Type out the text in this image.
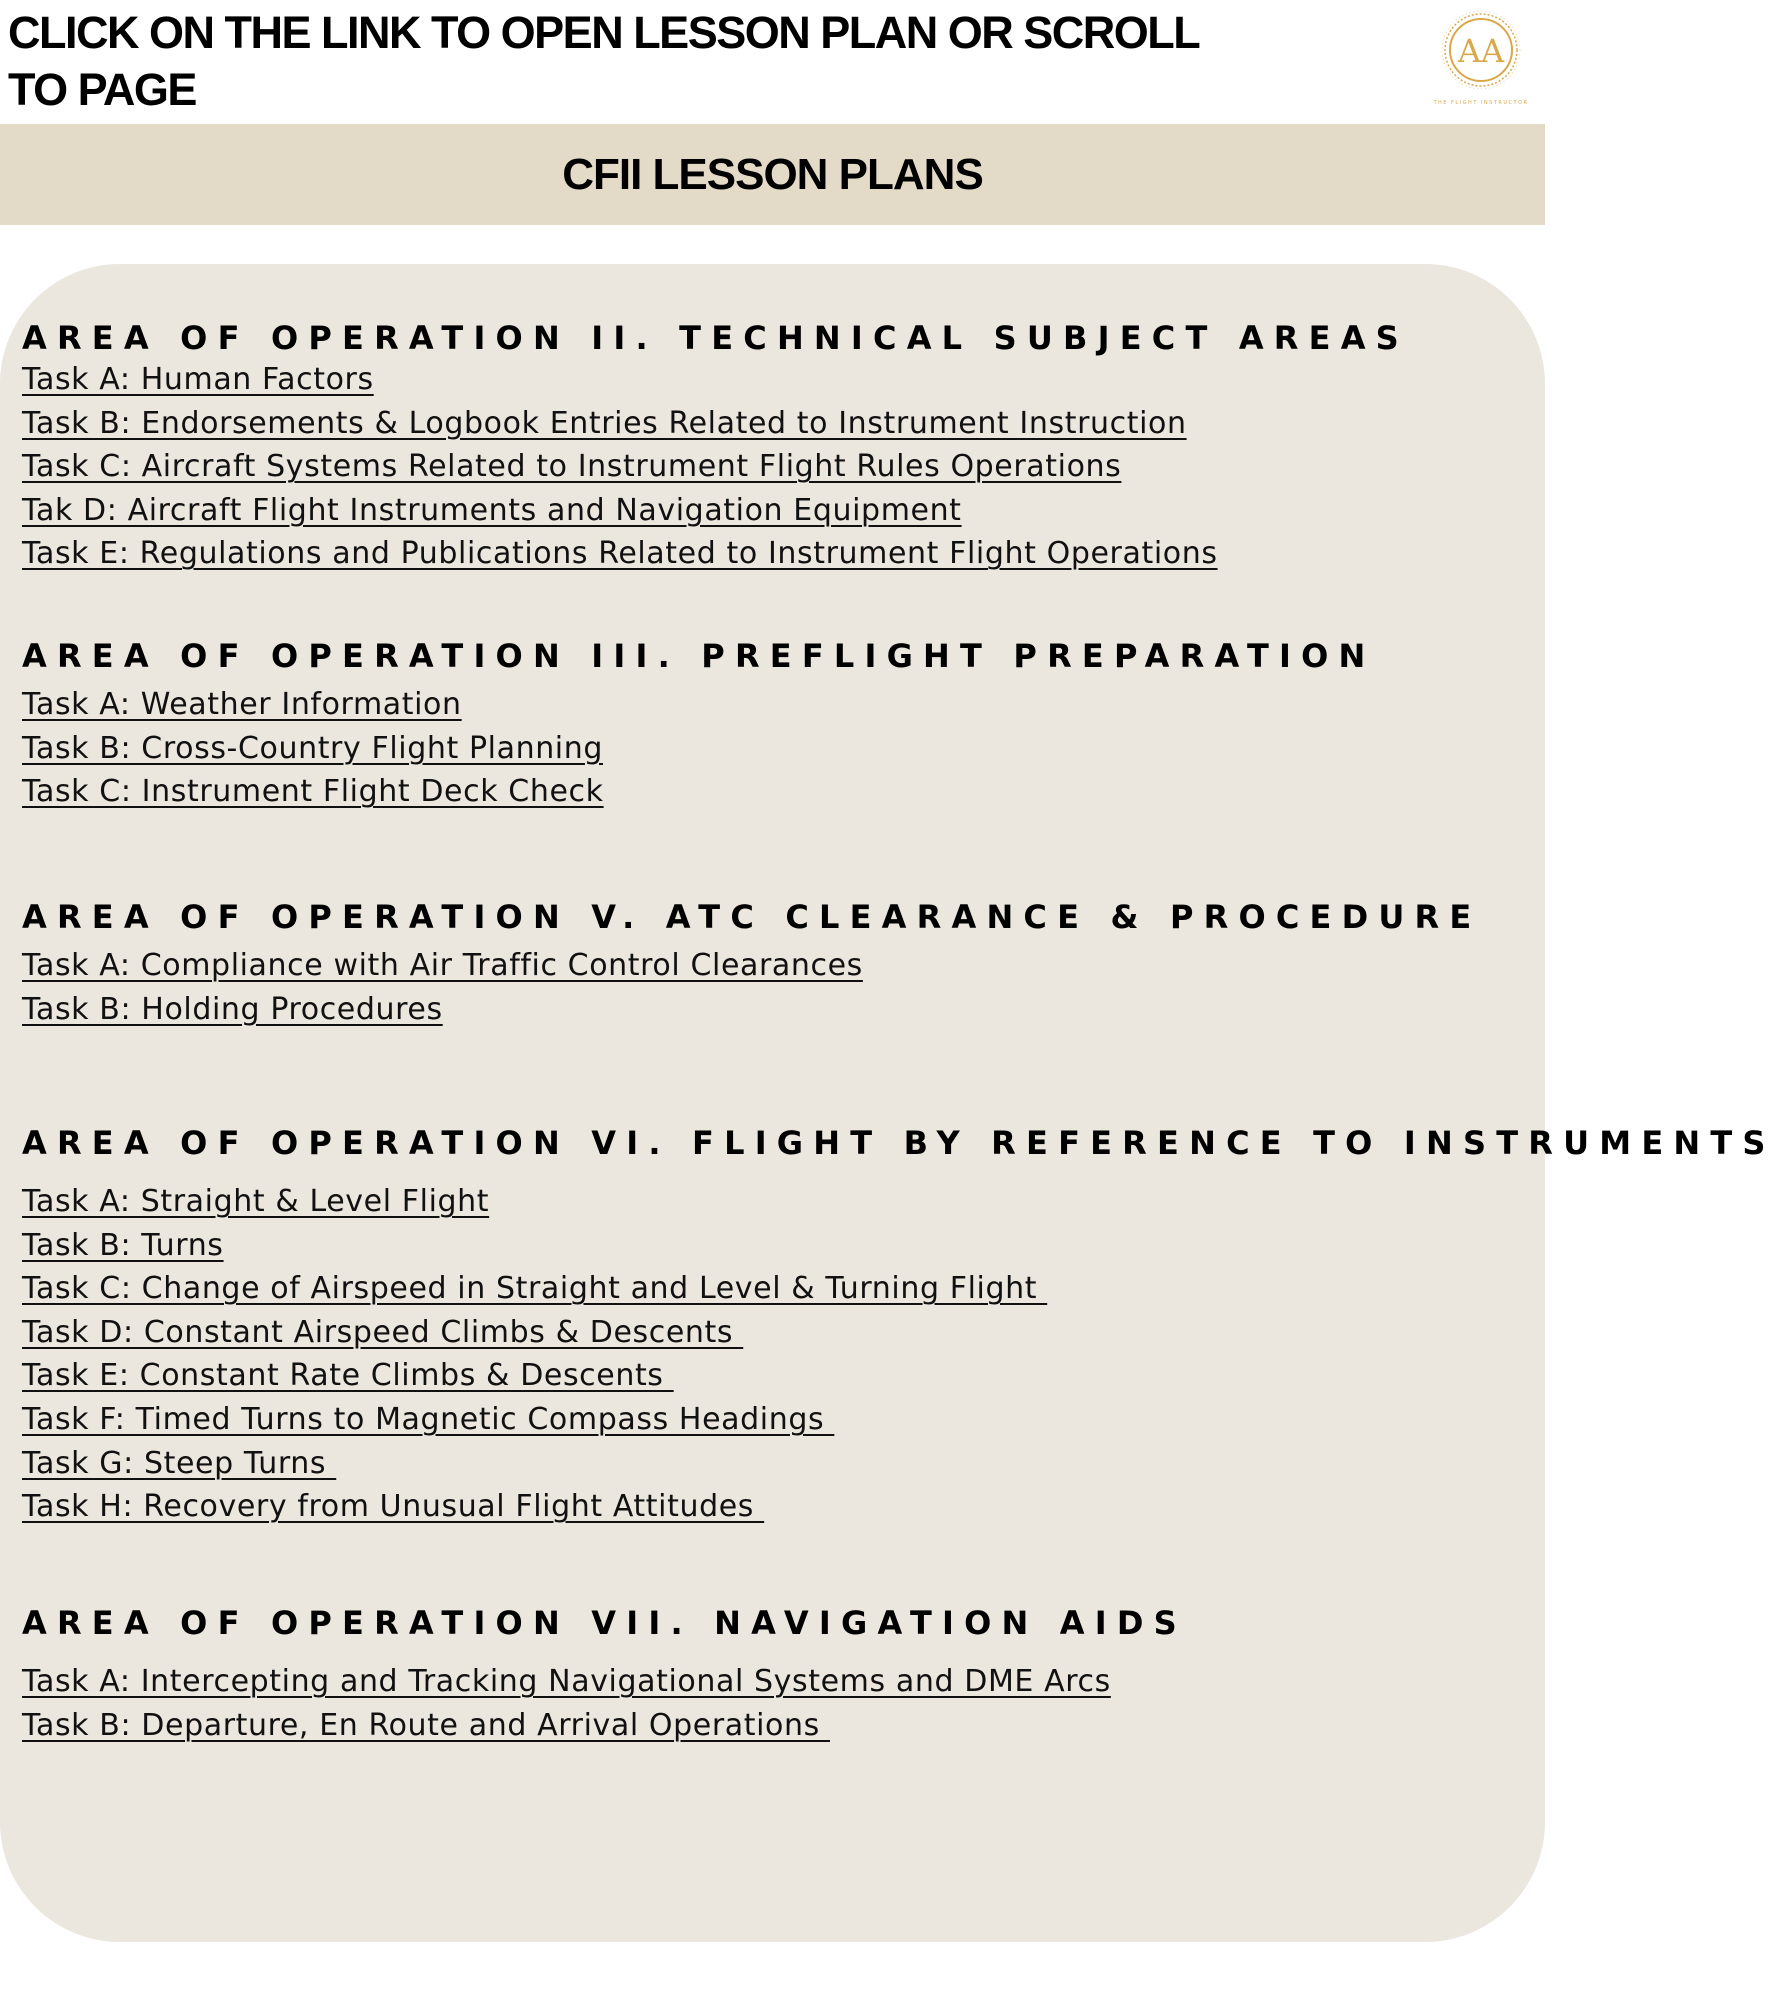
CLICK ON THE LINK TO OPEN LESSON PLAN OR SCROLL TO PAGE
AA
THE FLIGHT INSTRUCTOR
CFII LESSON PLANS
AREA OF OPERATION II. TECHNICAL SUBJECT AREAS
Task A: Human Factors
Task B: Endorsements & Logbook Entries Related to Instrument Instruction
Task C: Aircraft Systems Related to Instrument Flight Rules Operations
Tak D: Aircraft Flight Instruments and Navigation Equipment
Task E: Regulations and Publications Related to Instrument Flight Operations
AREA OF OPERATION III. PREFLIGHT PREPARATION
Task A: Weather Information
Task B: Cross-Country Flight Planning
Task C: Instrument Flight Deck Check
AREA OF OPERATION V. ATC CLEARANCE & PROCEDURE
Task A: Compliance with Air Traffic Control Clearances
Task B: Holding Procedures
AREA OF OPERATION VI. FLIGHT BY REFERENCE TO INSTRUMENTS
Task A: Straight & Level Flight
Task B: Turns
Task C: Change of Airspeed in Straight and Level & Turning Flight
Task D: Constant Airspeed Climbs & Descents
Task E: Constant Rate Climbs & Descents
Task F: Timed Turns to Magnetic Compass Headings
Task G: Steep Turns
Task H: Recovery from Unusual Flight Attitudes
AREA OF OPERATION VII. NAVIGATION AIDS
Task A: Intercepting and Tracking Navigational Systems and DME Arcs
Task B: Departure, En Route and Arrival Operations
